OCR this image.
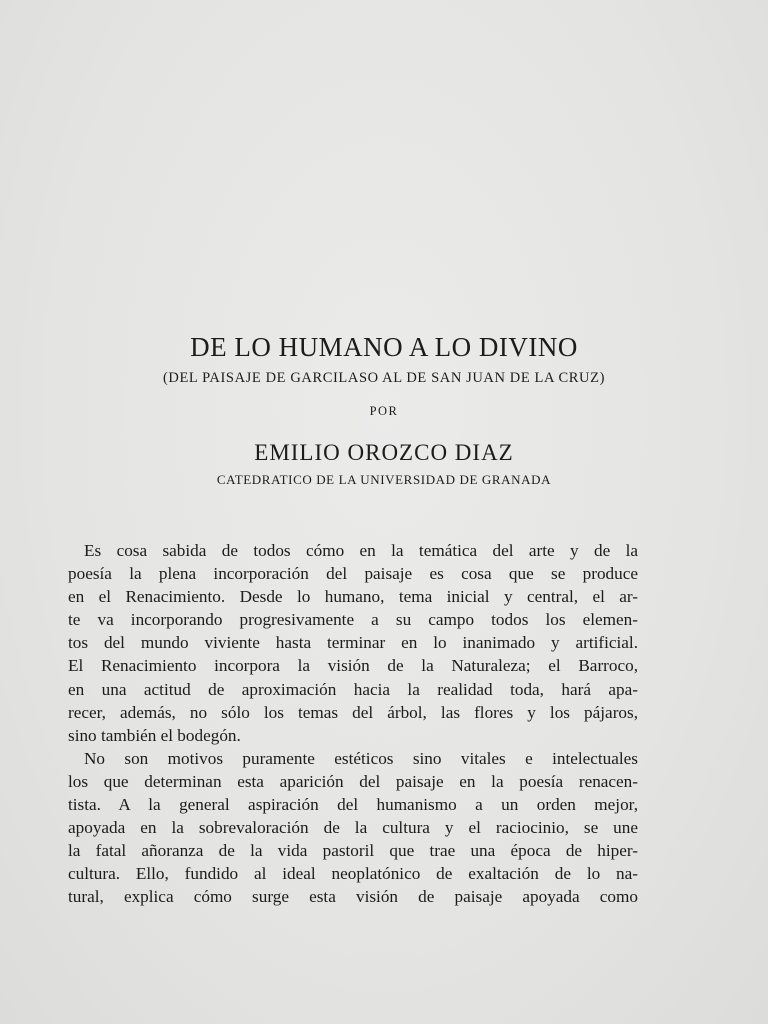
DE LO HUMANO A LO DIVINO
(DEL PAISAJE DE GARCILASO AL DE SAN JUAN DE LA CRUZ)
POR
EMILIO OROZCO DIAZ
CATEDRATICO DE LA UNIVERSIDAD DE GRANADA
Es cosa sabida de todos cómo en la temática del arte y de la
poesía la plena incorporación del paisaje es cosa que se produce
en el Renacimiento. Desde lo humano, tema inicial y central, el ar-
te va incorporando progresivamente a su campo todos los elemen-
tos del mundo viviente hasta terminar en lo inanimado y artificial.
El Renacimiento incorpora la visión de la Naturaleza; el Barroco,
en una actitud de aproximación hacia la realidad toda, hará apa-
recer, además, no sólo los temas del árbol, las flores y los pájaros,
sino también el bodegón.
No son motivos puramente estéticos sino vitales e intelectuales
los que determinan esta aparición del paisaje en la poesía renacen-
tista. A la general aspiración del humanismo a un orden mejor,
apoyada en la sobrevaloración de la cultura y el raciocinio, se une
la fatal añoranza de la vida pastoril que trae una época de hiper-
cultura. Ello, fundido al ideal neoplatónico de exaltación de lo na-
tural, explica cómo surge esta visión de paisaje apoyada como
